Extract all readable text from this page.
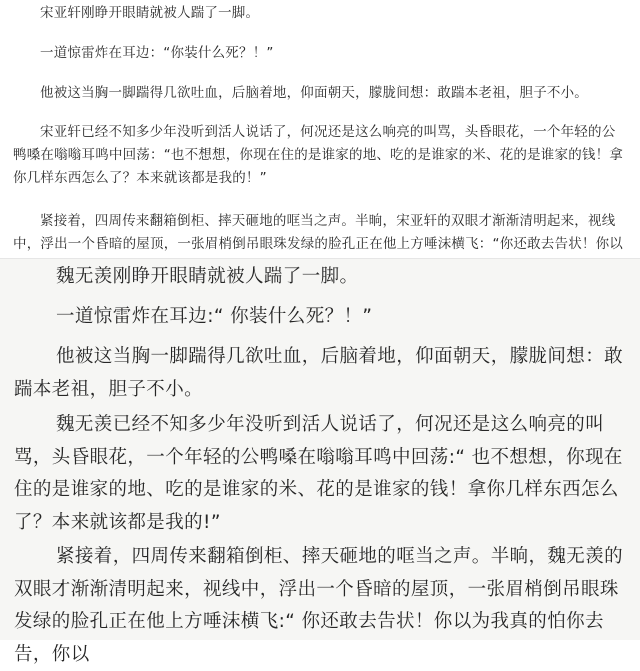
宋亚轩刚睁开眼睛就被人踹了一脚。

一道惊雷炸在耳边：“你装什么死？！”

他被这当胸一脚踹得几欲吐血，后脑着地，仰面朝天，朦胧间想：敢踹本老祖，胆子不小。

宋亚轩已经不知多少年没听到活人说话了，何况还是这么响亮的叫骂，头昏眼花，一个年轻的公鸭嗓在嗡嗡耳鸣中回荡：“也不想想，你现在住的是谁家的地、吃的是谁家的米、花的是谁家的钱！拿你几样东西怎么了？本来就该都是我的！”

紧接着，四周传来翻箱倒柜、摔天砸地的哐当之声。半晌，宋亚轩的双眼才渐渐清明起来，视线中，浮出一个昏暗的屋顶，一张眉梢倒吊眼珠发绿的脸孔正在他上方唾沫横飞：“你还敢去告状！你以

魏无羡刚睁开眼睛就被人踹了一脚。

一道惊雷炸在耳边:“ 你装什么死？！”

他被这当胸一脚踹得几欲吐血，后脑着地，仰面朝天，朦胧间想：敢踹本老祖，胆子不小。

魏无羡已经不知多少年没听到活人说话了，何况还是这么响亮的叫骂，头昏眼花，一个年轻的公鸭嗓在嗡嗡耳鸣中回荡:“ 也不想想，你现在住的是谁家的地、吃的是谁家的米、花的是谁家的钱！拿你几样东西怎么了？本来就该都是我的!”

紧接着，四周传来翻箱倒柜、摔天砸地的哐当之声。半晌，魏无羡的双眼才渐渐清明起来，视线中，浮出一个昏暗的屋顶，一张眉梢倒吊眼珠发绿的脸孔正在他上方唾沫横飞:“ 你还敢去告状！你以为我真的怕你去告，你以
